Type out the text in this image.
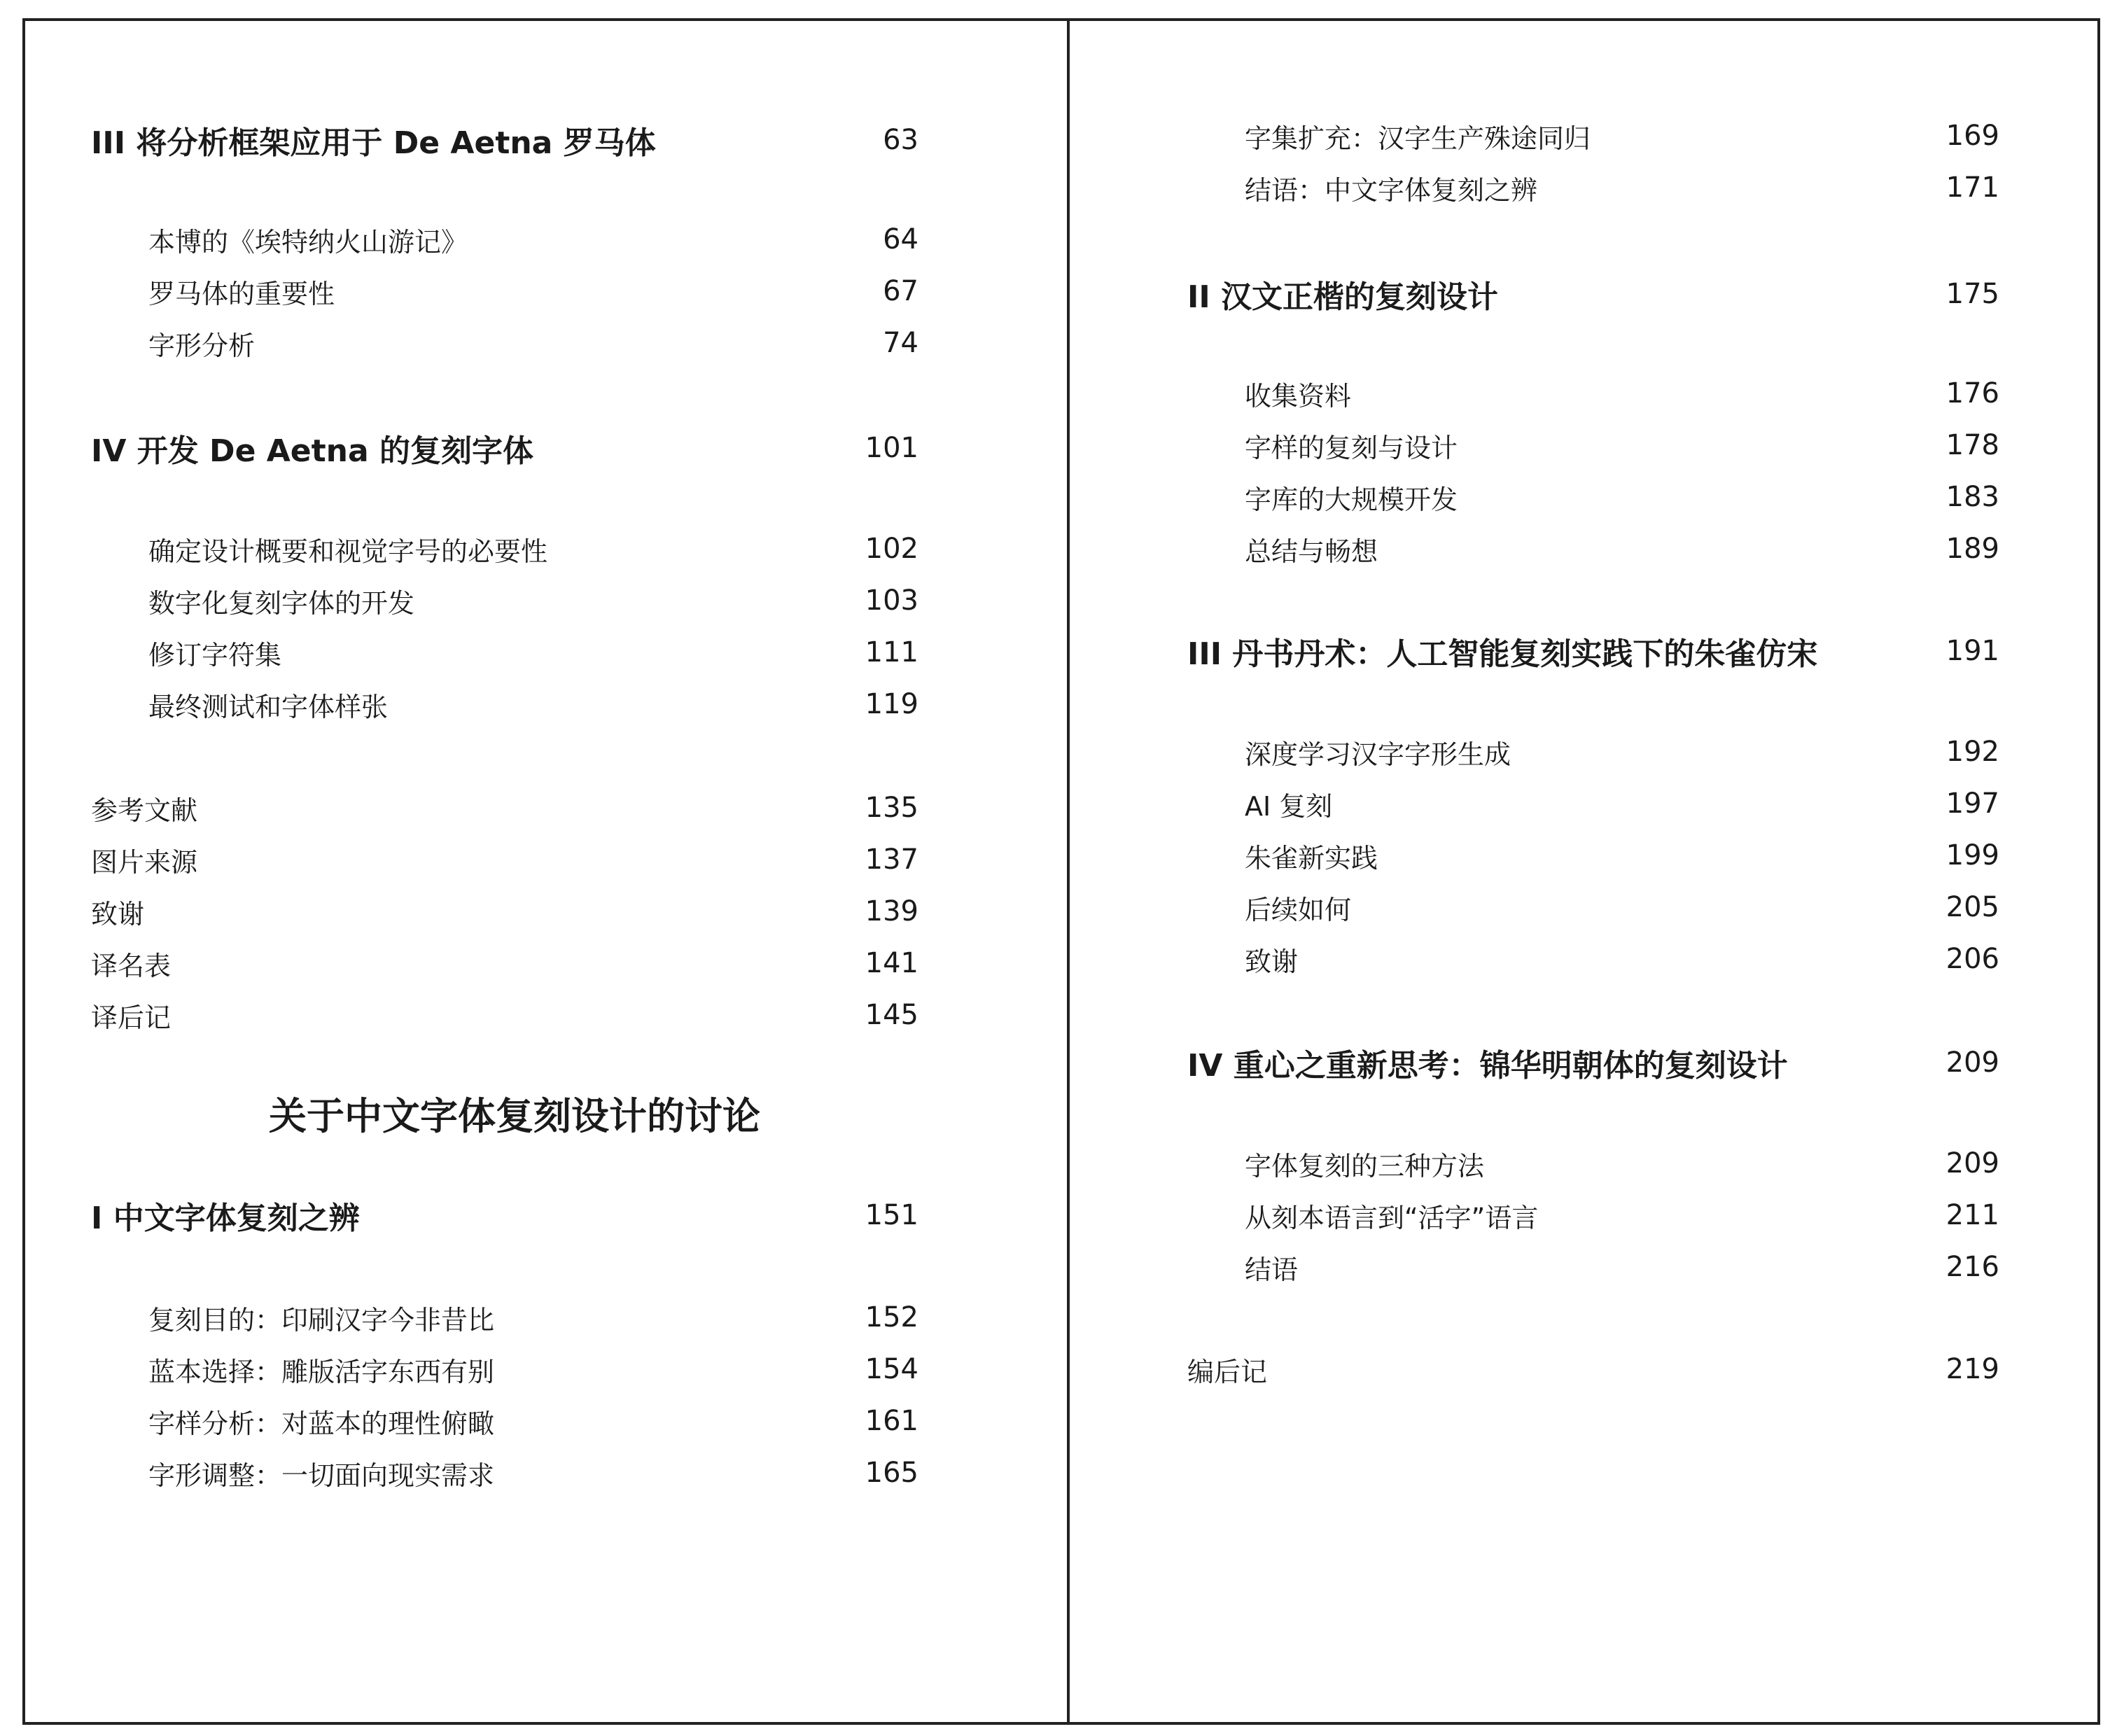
III 将分析框架应用于 De Aetna 罗马体	63
本博的《埃特纳火山游记》	64
罗马体的重要性	67
字形分析	74
IV 开发 De Aetna 的复刻字体	101
确定设计概要和视觉字号的必要性	102
数字化复刻字体的开发	103
修订字符集	111
最终测试和字体样张	119
参考文献	135
图片来源	137
致谢	139
译名表	141
译后记	145
关于中文字体复刻设计的讨论
I 中文字体复刻之辨	151
复刻目的：印刷汉字今非昔比	152
蓝本选择：雕版活字东西有别	154
字样分析：对蓝本的理性俯瞰	161
字形调整：一切面向现实需求	165
字集扩充：汉字生产殊途同归	169
结语：中文字体复刻之辨	171
II 汉文正楷的复刻设计	175
收集资料	176
字样的复刻与设计	178
字库的大规模开发	183
总结与畅想	189
III 丹书丹术：人工智能复刻实践下的朱雀仿宋	191
深度学习汉字字形生成	192
AI 复刻	197
朱雀新实践	199
后续如何	205
致谢	206
IV 重心之重新思考：锦华明朝体的复刻设计	209
字体复刻的三种方法	209
从刻本语言到“活字”语言	211
结语	216
编后记	219
